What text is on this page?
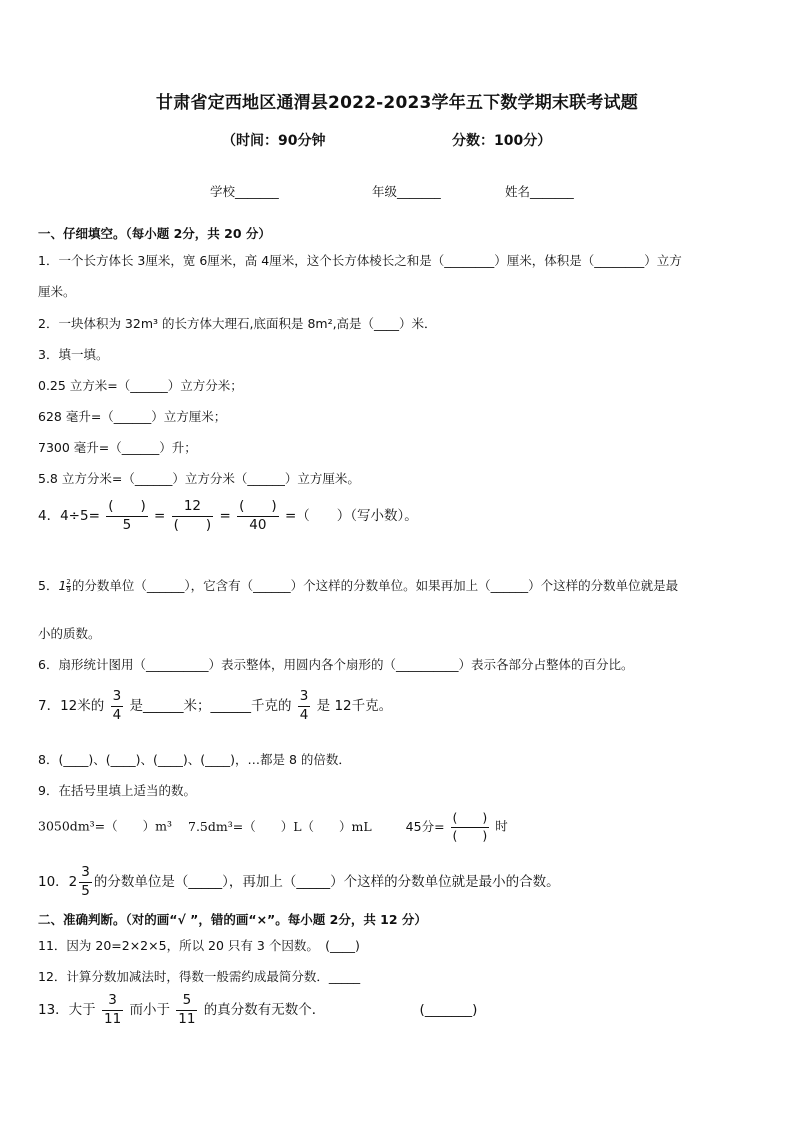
甘肃省定西地区通渭县2022-2023学年五下数学期末联考试题
（时间：90分钟	分数：100分）
学校_______	年级_______	姓名_______
一、仔细填空。（每小题 2分，共 20 分）
1．一个长方体长 3厘米，宽 6厘米，高 4厘米，这个长方体棱长之和是（________）厘米，体积是（________）立方
厘米。
2．一块体积为 32m³ 的长方体大理石,底面积是 8m²,高是（____）米．
3．填一填。
0.25 立方米=（______）立方分米；
628 毫升=（______）立方厘米；
7300 毫升=（______）升；
5.8 立方分米=（______）立方分米（______）立方厘米。
4．$4\div 5= \frac{( )}{5} = \frac{12}{( )} = \frac{( )}{40}$ =（　　）（写小数）。
5．$1 \frac{2}{9}$ 的分数单位（______），它含有（______）个这样的分数单位。如果再加上（______）个这样的分数单位就是最
小的质数。
6．扇形统计图用（__________）表示整体，用圆内各个扇形的（__________）表示各部分占整体的百分比。
7．12米的 $\frac{3}{4}$ 是______米；______千克的 $\frac{3}{4}$ 是 12千克。
8．(____)、(____)、(____)、(____)，…都是 8 的倍数．
9．在括号里填上适当的数。
3050dm³=（　　）m³ 7.5dm³=（　　）L（　　）mL	45分= $\frac{( )}{( )}$ 时
10．$2 \frac{3}{5}$ 的分数单位是（_____），再加上（_____）个这样的分数单位就是最小的合数。
二、准确判断。（对的画“√ ”，错的画“×”。每小题 2分，共 12 分）
11．因为 20=2×2×5，所以 20 只有 3 个因数。　(____)
12．计算分数加减法时，得数一般需约成最简分数．_____
13．大于 $\frac{3}{11}$ 而小于 $\frac{5}{11}$ 的真分数有无数个．	(_______)
